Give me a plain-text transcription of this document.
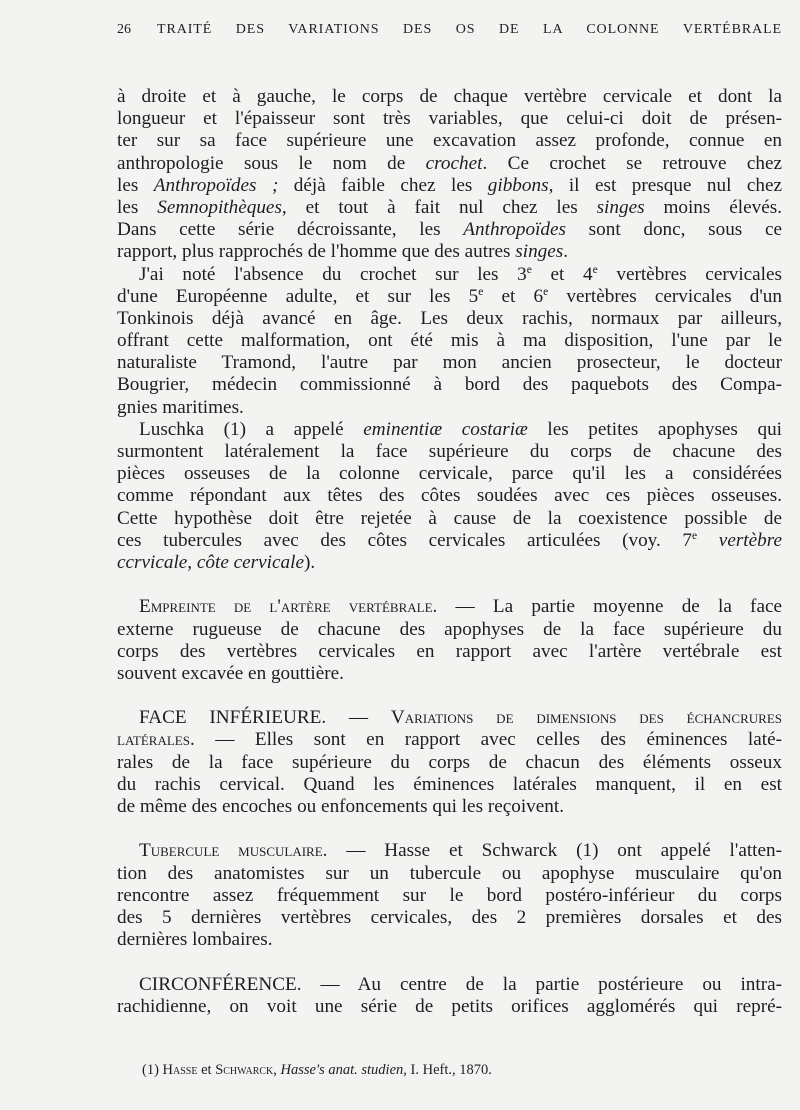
26 TRAITÉ DES VARIATIONS DES OS DE LA COLONNE VERTÉBRALE
à droite et à gauche, le corps de chaque vertèbre cervicale et dont la
longueur et l'épaisseur sont très variables, que celui-ci doit de présen-
ter sur sa face supérieure une excavation assez profonde, connue en
anthropologie sous le nom de crochet. Ce crochet se retrouve chez
les Anthropoïdes ; déjà faible chez les gibbons, il est presque nul chez
les Semnopithèques, et tout à fait nul chez les singes moins élevés.
Dans cette série décroissante, les Anthropoïdes sont donc, sous ce
rapport, plus rapprochés de l'homme que des autres singes.
J'ai noté l'absence du crochet sur les 3e et 4e vertèbres cervicales
d'une Européenne adulte, et sur les 5e et 6e vertèbres cervicales d'un
Tonkinois déjà avancé en âge. Les deux rachis, normaux par ailleurs,
offrant cette malformation, ont été mis à ma disposition, l'une par le
naturaliste Tramond, l'autre par mon ancien prosecteur, le docteur
Bougrier, médecin commissionné à bord des paquebots des Compa-
gnies maritimes.
Luschka (1) a appelé eminentiæ costariæ les petites apophyses qui
surmontent latéralement la face supérieure du corps de chacune des
pièces osseuses de la colonne cervicale, parce qu'il les a considérées
comme répondant aux têtes des côtes soudées avec ces pièces osseuses.
Cette hypothèse doit être rejetée à cause de la coexistence possible de
ces tubercules avec des côtes cervicales articulées (voy. 7e vertèbre
ccrvicale, côte cervicale).
Empreinte de l'artère vertébrale. — La partie moyenne de la face
externe rugueuse de chacune des apophyses de la face supérieure du
corps des vertèbres cervicales en rapport avec l'artère vertébrale est
souvent excavée en gouttière.
FACE INFÉRIEURE. — Variations de dimensions des échancrures
latérales. — Elles sont en rapport avec celles des éminences laté-
rales de la face supérieure du corps de chacun des éléments osseux
du rachis cervical. Quand les éminences latérales manquent, il en est
de même des encoches ou enfoncements qui les reçoivent.
Tubercule musculaire. — Hasse et Schwarck (1) ont appelé l'atten-
tion des anatomistes sur un tubercule ou apophyse musculaire qu'on
rencontre assez fréquemment sur le bord postéro-inférieur du corps
des 5 dernières vertèbres cervicales, des 2 premières dorsales et des
dernières lombaires.
CIRCONFÉRENCE. — Au centre de la partie postérieure ou intra-
rachidienne, on voit une série de petits orifices agglomérés qui repré-
(1) Hasse et Schwarck, Hasse's anat. studien, I. Heft., 1870.
